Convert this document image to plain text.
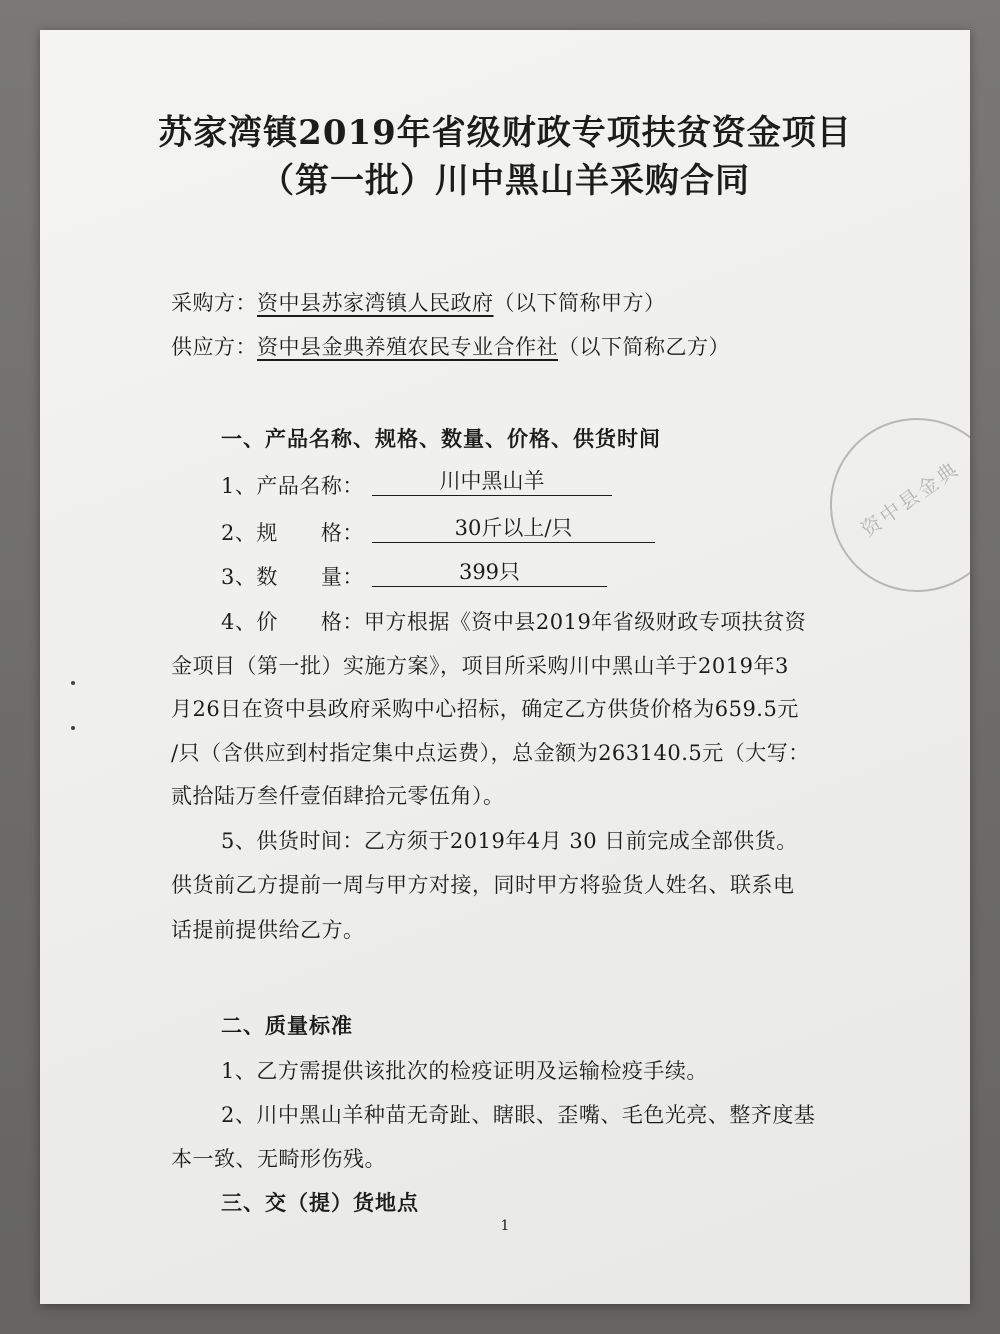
苏家湾镇2019年省级财政专项扶贫资金项目
（第一批）川中黑山羊采购合同
采购方：资中县苏家湾镇人民政府（以下简称甲方）
供应方：资中县金典养殖农民专业合作社（以下简称乙方）
一、产品名称、规格、数量、价格、供货时间
1、产品名称：	川中黑山羊
2、规　　格：	30斤以上/只
3、数　　量：	399只
4、价　　格：甲方根据《资中县2019年省级财政专项扶贫资
金项目（第一批）实施方案》，项目所采购川中黑山羊于2019年3
月26日在资中县政府采购中心招标，确定乙方供货价格为659.5元
/只（含供应到村指定集中点运费），总金额为263140.5元（大写：
贰拾陆万叁仟壹佰肆拾元零伍角）。
5、供货时间：乙方须于2019年4月 30 日前完成全部供货。
供货前乙方提前一周与甲方对接，同时甲方将验货人姓名、联系电
话提前提供给乙方。
二、质量标准
1、乙方需提供该批次的检疫证明及运输检疫手续。
2、川中黑山羊种苗无奇趾、瞎眼、歪嘴、毛色光亮、整齐度基
本一致、无畸形伤残。
三、交（提）货地点
1
资中县金典
